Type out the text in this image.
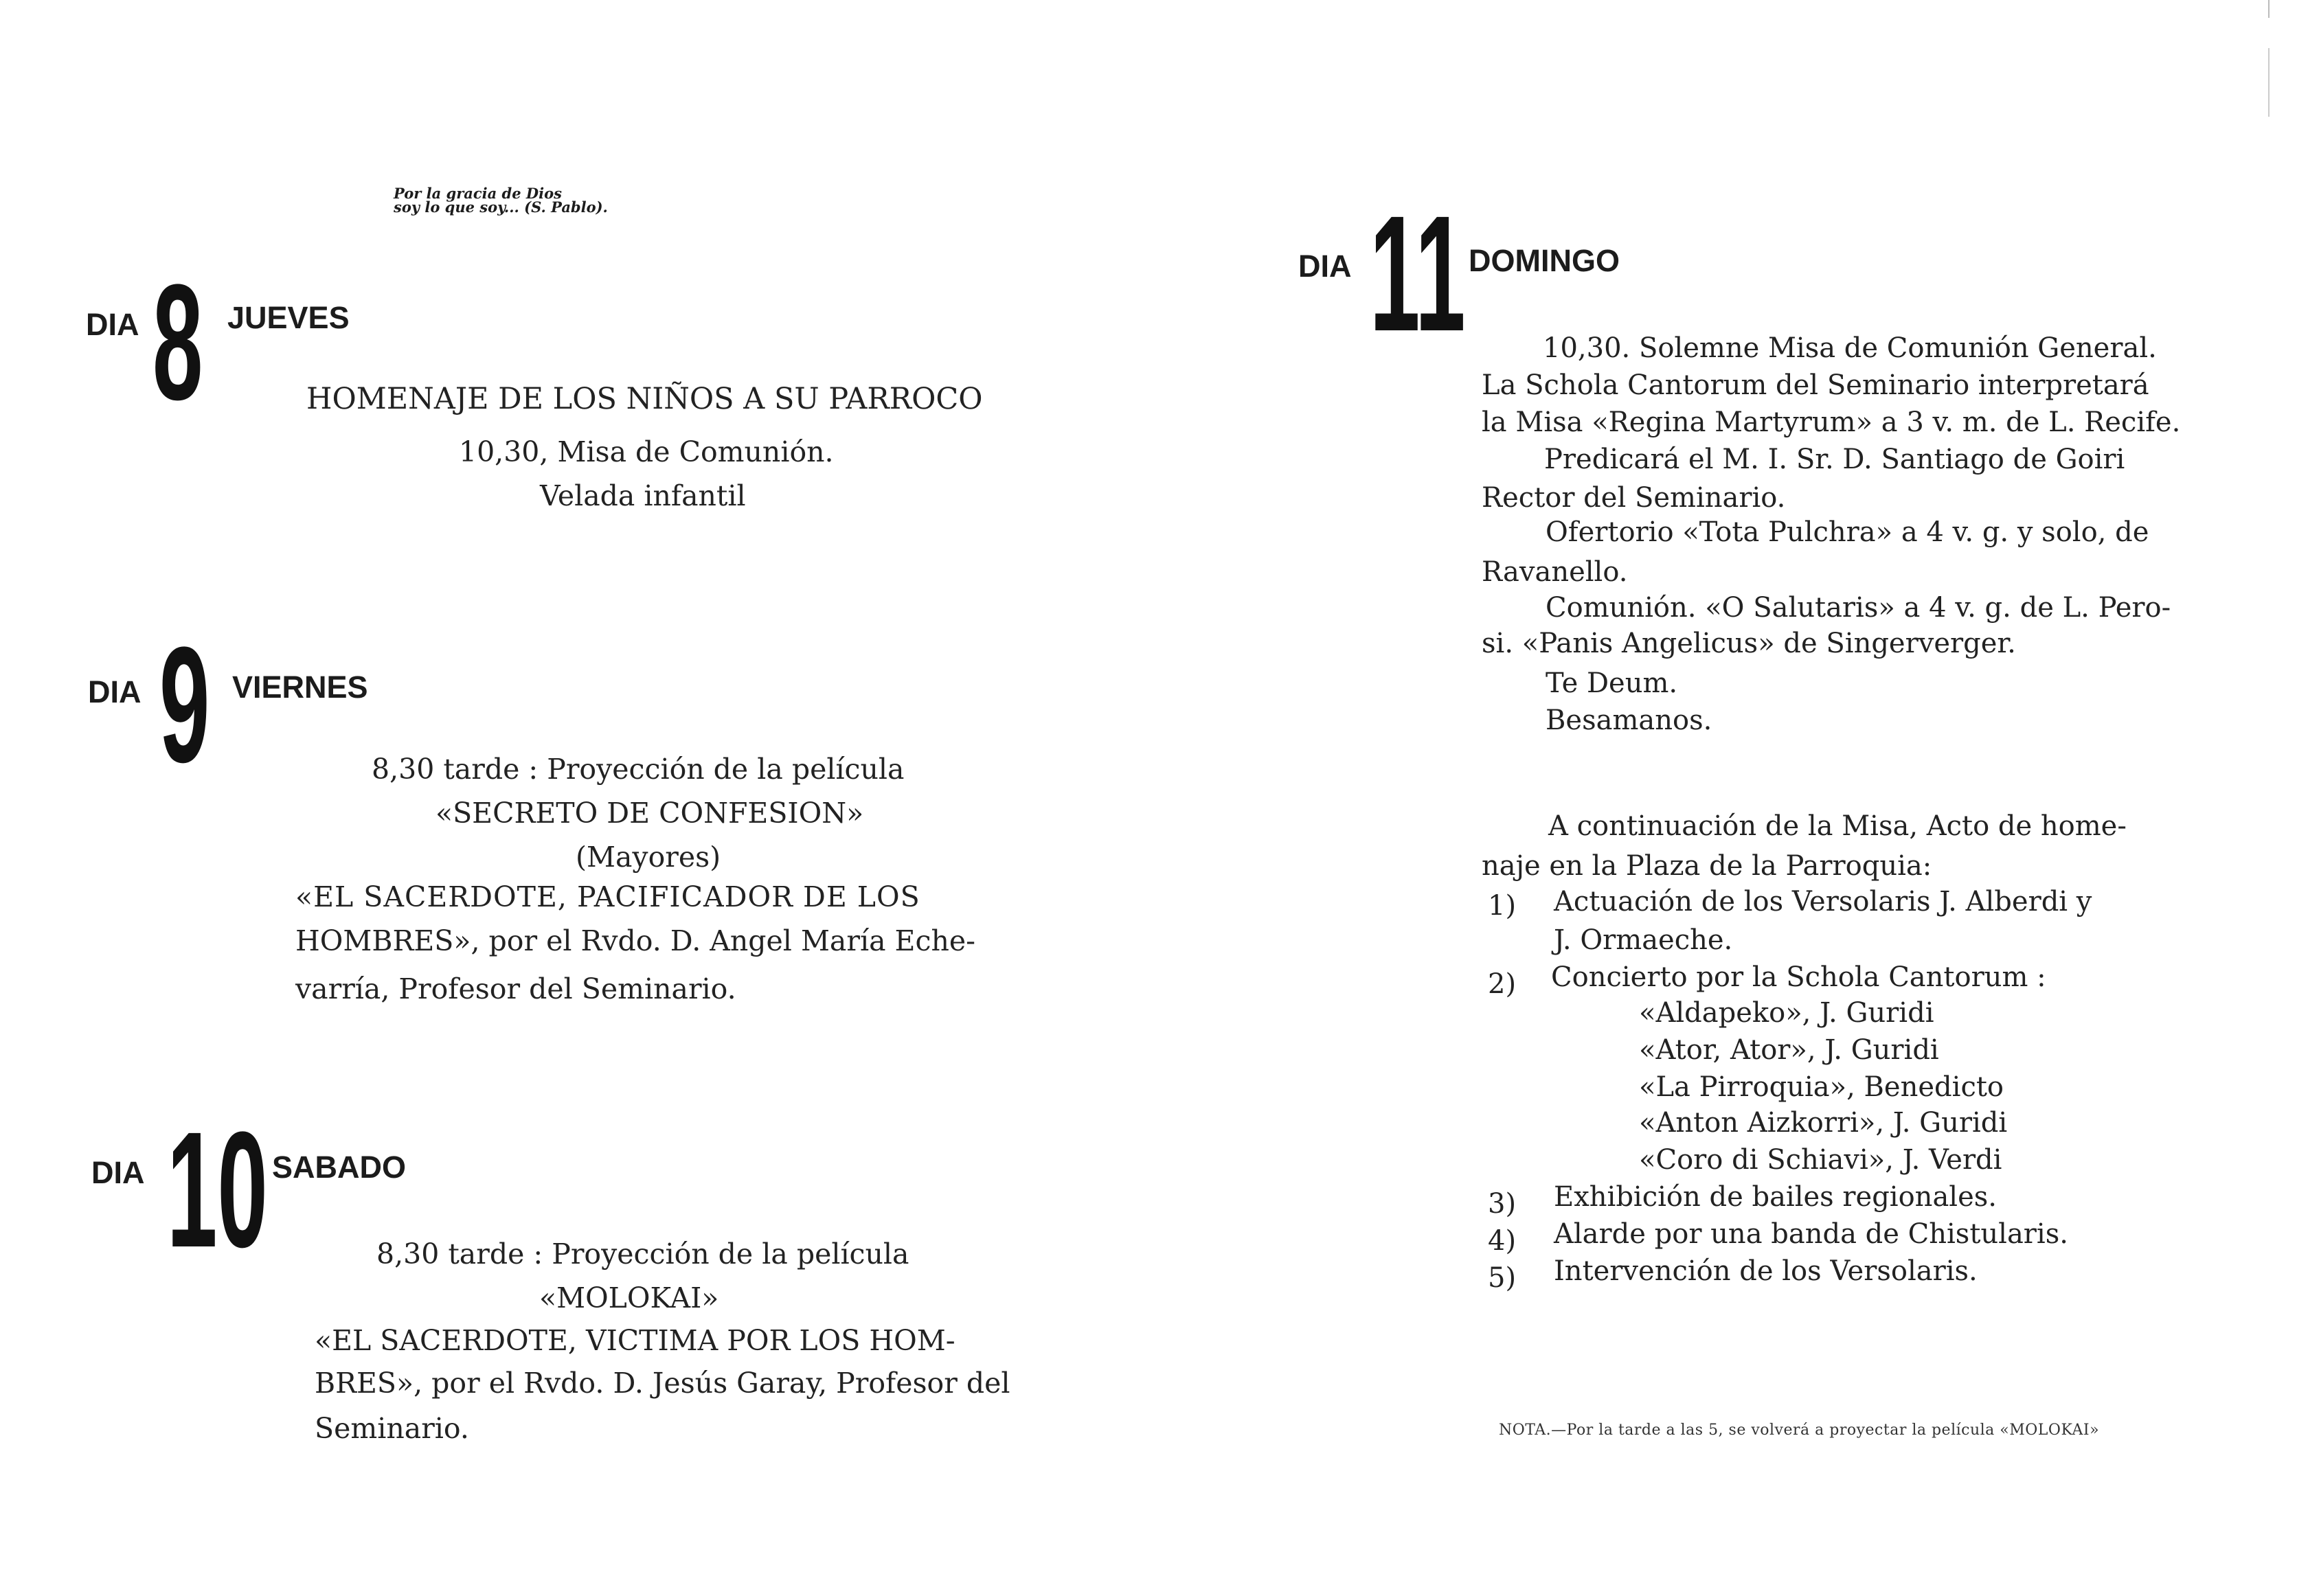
Por la gracia de Dios
soy lo que soy... (S. Pablo).
DIA 8 JUEVES
HOMENAJE DE LOS NIÑOS A SU PARROCO
10,30, Misa de Comunión.
Velada infantil
DIA 9 VIERNES
8,30 tarde : Proyección de la película
«SECRETO DE CONFESION»
(Mayores)
«EL SACERDOTE, PACIFICADOR DE LOS
HOMBRES», por el Rvdo. D. Angel María Eche-
varría, Profesor del Seminario.
DIA 10 SABADO
8,30 tarde : Proyección de la película
«MOLOKAI»
«EL SACERDOTE, VICTIMA POR LOS HOM-
BRES», por el Rvdo. D. Jesús Garay, Profesor del
Seminario.
DIA 11 DOMINGO
10,30. Solemne Misa de Comunión General.
La Schola Cantorum del Seminario interpretará
la Misa «Regina Martyrum» a 3 v. m. de L. Recife.
Predicará el M. I. Sr. D. Santiago de Goiri
Rector del Seminario.
Ofertorio «Tota Pulchra» a 4 v. g. y solo, de
Ravanello.
Comunión. «O Salutaris» a 4 v. g. de L. Pero-
si. «Panis Angelicus» de Singerverger.
Te Deum.
Besamanos.
A continuación de la Misa, Acto de home-
naje en la Plaza de la Parroquia:
1) Actuación de los Versolaris J. Alberdi y
J. Ormaeche.
2) Concierto por la Schola Cantorum :
«Aldapeko», J. Guridi
«Ator, Ator», J. Guridi
«La Pirroquia», Benedicto
«Anton Aizkorri», J. Guridi
«Coro di Schiavi», J. Verdi
3) Exhibición de bailes regionales.
4) Alarde por una banda de Chistularis.
5) Intervención de los Versolaris.
NOTA.—Por la tarde a las 5, se volverá a proyectar la película «MOLOKAI»
